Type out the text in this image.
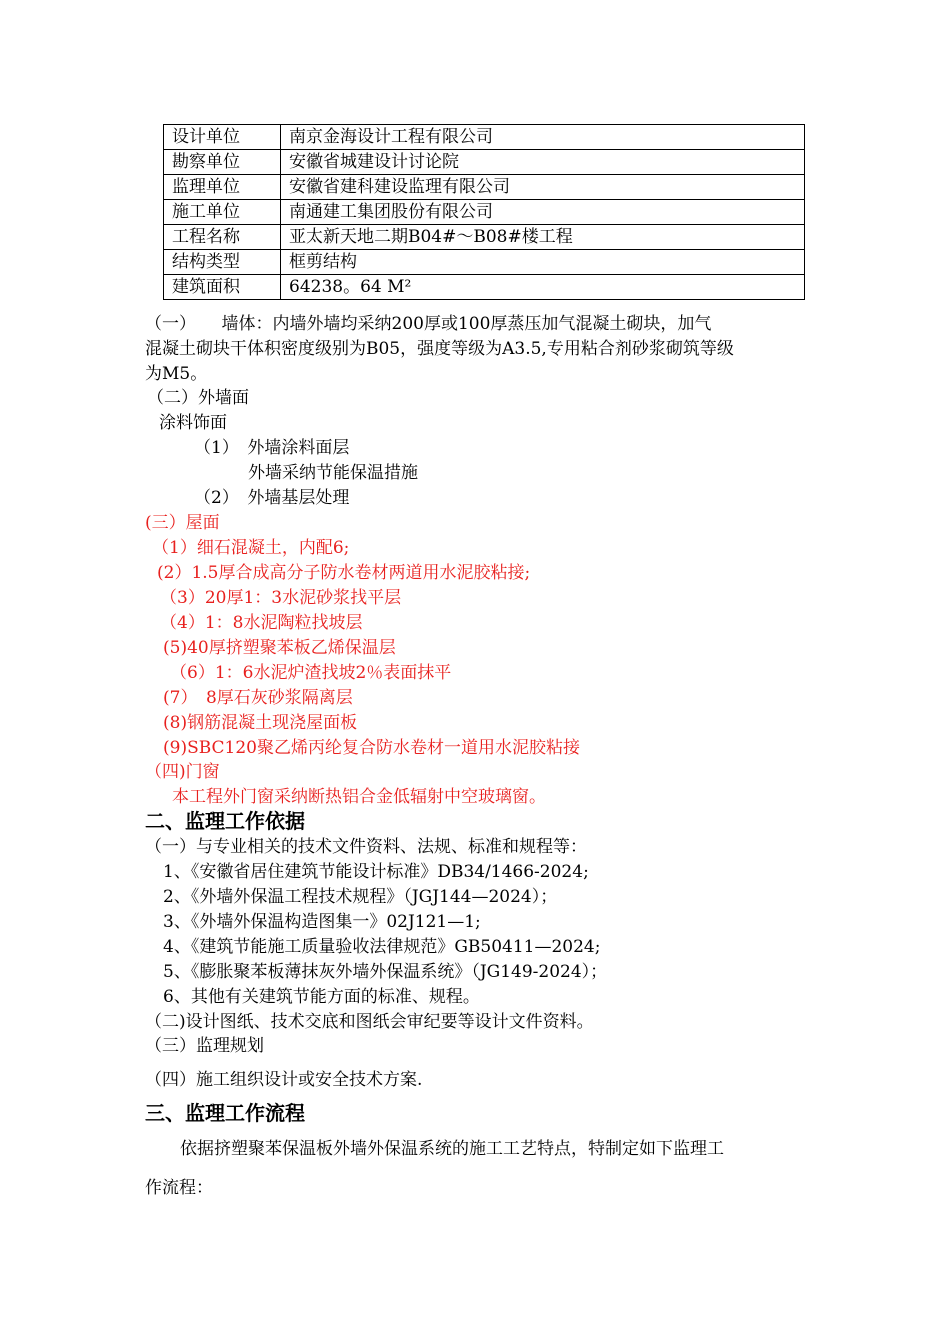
设计单位	南京金海设计工程有限公司
勘察单位	安徽省城建设计讨论院
监理单位	安徽省建科建设监理有限公司
施工单位	南通建工集团股份有限公司
工程名称	亚太新天地二期B04#～B08#楼工程
结构类型	框剪结构
建筑面积	64238。64 M²
（一）　　墙体：内墙外墙均采纳200厚或100厚蒸压加气混凝土砌块，加气
混凝土砌块干体积密度级别为B05，强度等级为A3.5,专用粘合剂砂浆砌筑等级
为M5。
（二）外墙面
涂料饰面
（1）　外墙涂料面层
外墙采纳节能保温措施
（2）　外墙基层处理
(三）屋面
（1）细石混凝土，内配6;
(2）1.5厚合成高分子防水卷材两道用水泥胶粘接;
（3）20厚1：3水泥砂浆找平层
（4）1：8水泥陶粒找坡层
(5)40厚挤塑聚苯板乙烯保温层
（6）1：6水泥炉渣找坡2％表面抹平
(7）　8厚石灰砂浆隔离层
(8)钢筋混凝土现浇屋面板
(9)SBC120聚乙烯丙纶复合防水卷材一道用水泥胶粘接
（四)门窗
本工程外门窗采纳断热铝合金低辐射中空玻璃窗。
二、监理工作依据
（一）与专业相关的技术文件资料、法规、标准和规程等：
1、《安徽省居住建筑节能设计标准》DB34/1466-2024;
2、《外墙外保温工程技术规程》（JGJ144—2024）；
3、《外墙外保温构造图集一》02J121—1;
4、《建筑节能施工质量验收法律规范》GB50411—2024;
5、《膨胀聚苯板薄抹灰外墙外保温系统》（JG149-2024）；
6、其他有关建筑节能方面的标准、规程。
（二)设计图纸、技术交底和图纸会审纪要等设计文件资料。
（三）监理规划
（四）施工组织设计或安全技术方案.
三、监理工作流程
依据挤塑聚苯保温板外墙外保温系统的施工工艺特点，特制定如下监理工
作流程：
